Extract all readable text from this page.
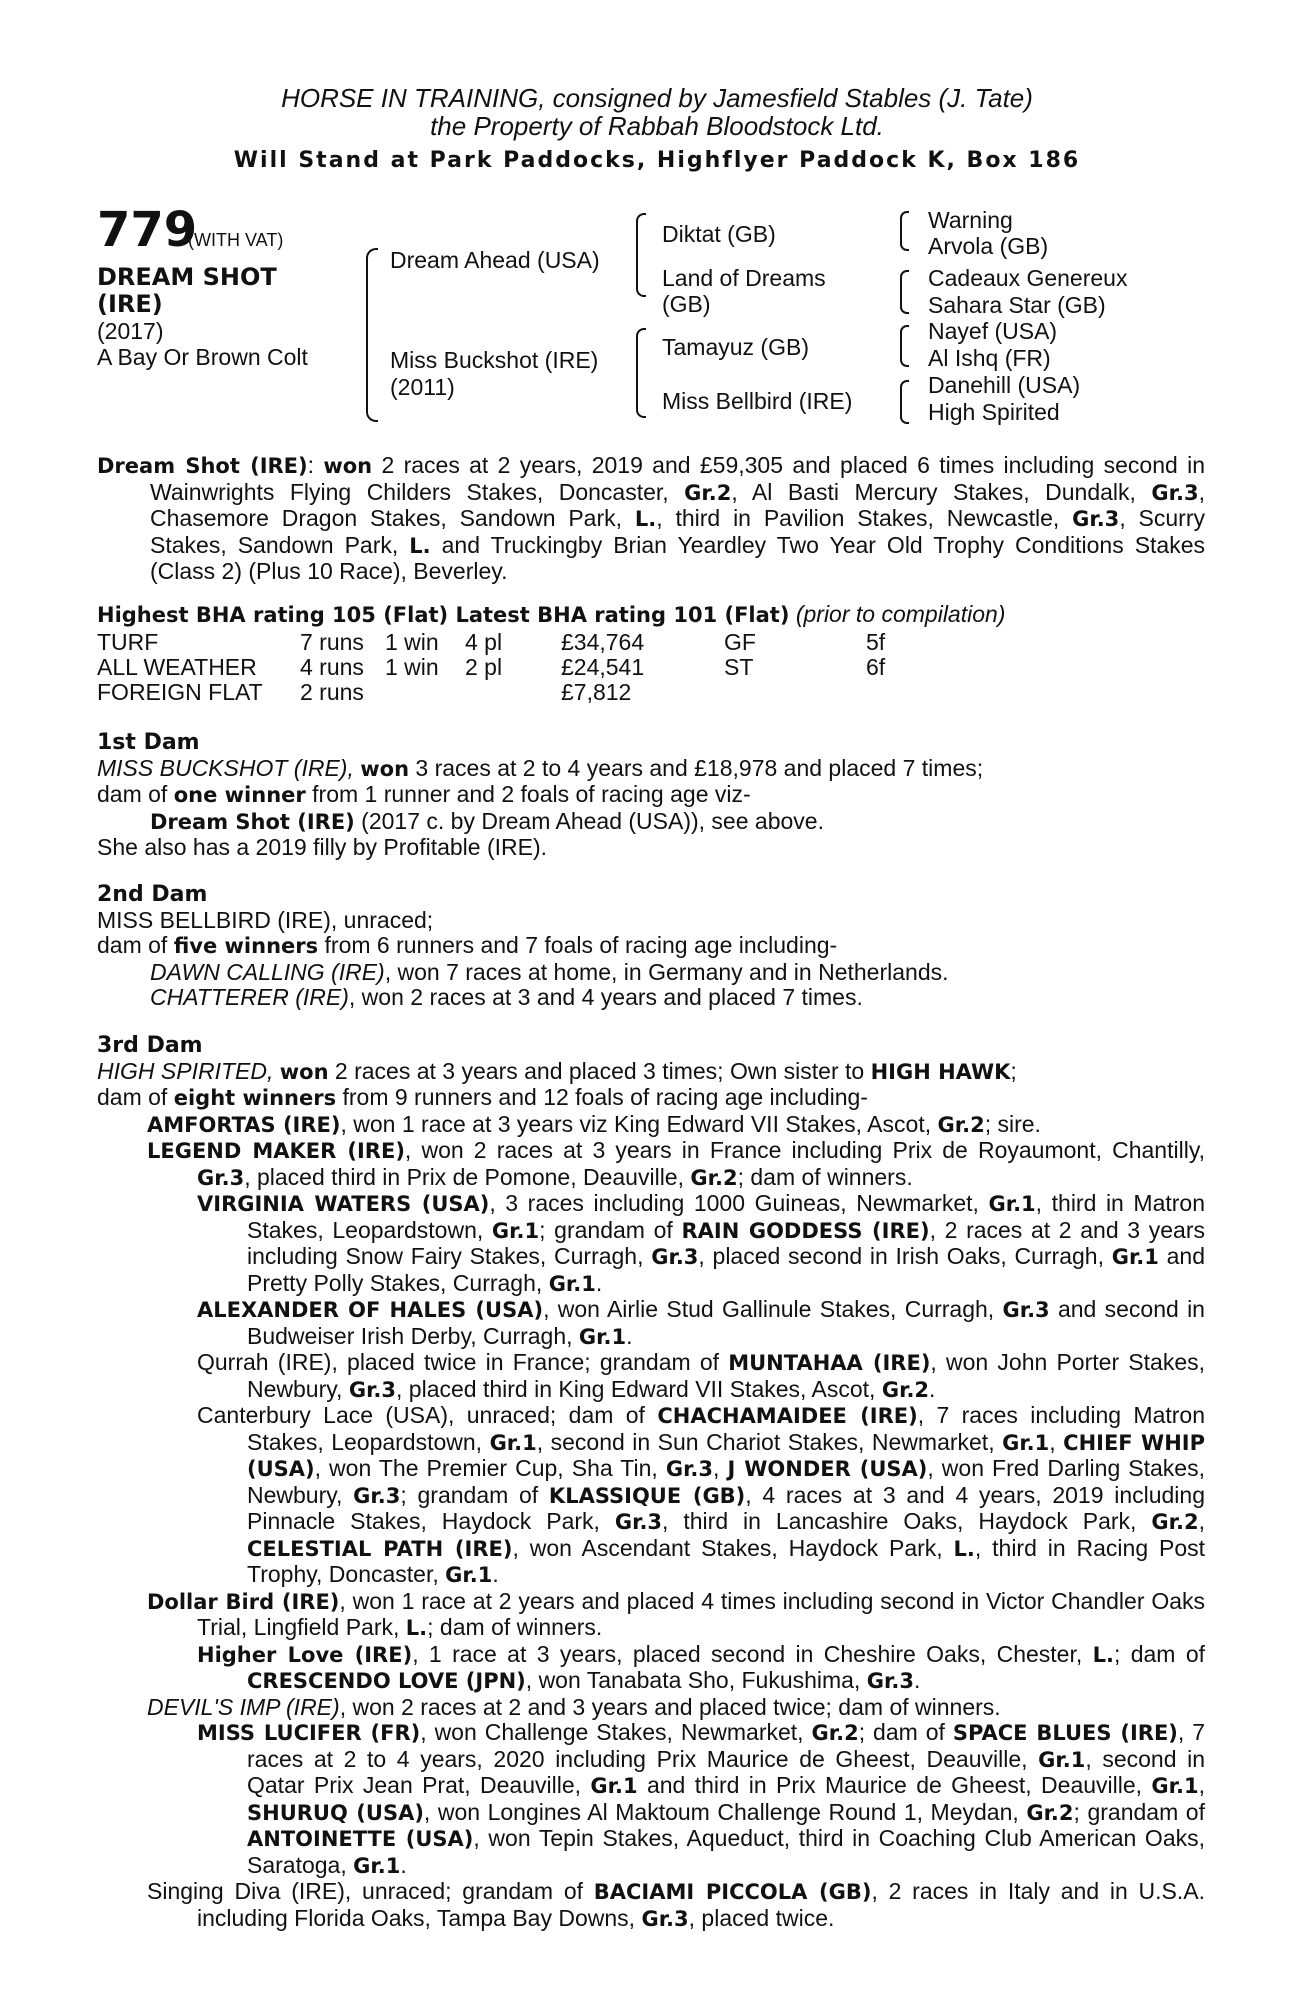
HORSE IN TRAINING, consigned by Jamesfield Stables (J. Tate)
the Property of Rabbah Bloodstock Ltd.
Will Stand at Park Paddocks, Highflyer Paddock K, Box 186
779
(WITH VAT)
DREAM SHOT
(IRE)
(2017)
A Bay Or Brown Colt
Dream Ahead (USA)
Miss Buckshot (IRE)
(2011)
Diktat (GB)
Land of Dreams
(GB)
Tamayuz (GB)
Miss Bellbird (IRE)
Warning
Arvola (GB)
Cadeaux Genereux
Sahara Star (GB)
Nayef (USA)
Al Ishq (FR)
Danehill (USA)
High Spirited

Dream Shot (IRE): won 2 races at 2 years, 2019 and £59,305 and placed 6 times including second in Wainwrights Flying Childers Stakes, Doncaster, Gr.2, Al Basti Mercury Stakes, Dundalk, Gr.3, Chasemore Dragon Stakes, Sandown Park, L., third in Pavilion Stakes, Newcastle, Gr.3, Scurry Stakes, Sandown Park, L. and Truckingby Brian Yeardley Two Year Old Trophy Conditions Stakes (Class 2) (Plus 10 Race), Beverley.

Highest BHA rating 105 (Flat) Latest BHA rating 101 (Flat) (prior to compilation)

TURF	7 runs	1 win	4 pl	£34,764	GF	5f
ALL WEATHER	4 runs	1 win	2 pl	£24,541	ST	6f
FOREIGN FLAT	2 runs			£7,812		

1st Dam

MISS BUCKSHOT (IRE), won 3 races at 2 to 4 years and £18,978 and placed 7 times;

dam of one winner from 1 runner and 2 foals of racing age viz-

Dream Shot (IRE) (2017 c. by Dream Ahead (USA)), see above.

She also has a 2019 filly by Profitable (IRE).

2nd Dam

MISS BELLBIRD (IRE), unraced;

dam of five winners from 6 runners and 7 foals of racing age including-

DAWN CALLING (IRE), won 7 races at home, in Germany and in Netherlands.

CHATTERER (IRE), won 2 races at 3 and 4 years and placed 7 times.

3rd Dam

HIGH SPIRITED, won 2 races at 3 years and placed 3 times; Own sister to HIGH HAWK;

dam of eight winners from 9 runners and 12 foals of racing age including-

AMFORTAS (IRE), won 1 race at 3 years viz King Edward VII Stakes, Ascot, Gr.2; sire.

LEGEND MAKER (IRE), won 2 races at 3 years in France including Prix de Royaumont, Chantilly, Gr.3, placed third in Prix de Pomone, Deauville, Gr.2; dam of winners.

VIRGINIA WATERS (USA), 3 races including 1000 Guineas, Newmarket, Gr.1, third in Matron Stakes, Leopardstown, Gr.1; grandam of RAIN GODDESS (IRE), 2 races at 2 and 3 years including Snow Fairy Stakes, Curragh, Gr.3, placed second in Irish Oaks, Curragh, Gr.1 and Pretty Polly Stakes, Curragh, Gr.1.

ALEXANDER OF HALES (USA), won Airlie Stud Gallinule Stakes, Curragh, Gr.3 and second in Budweiser Irish Derby, Curragh, Gr.1.

Qurrah (IRE), placed twice in France; grandam of MUNTAHAA (IRE), won John Porter Stakes, Newbury, Gr.3, placed third in King Edward VII Stakes, Ascot, Gr.2.

Canterbury Lace (USA), unraced; dam of CHACHAMAIDEE (IRE), 7 races including Matron Stakes, Leopardstown, Gr.1, second in Sun Chariot Stakes, Newmarket, Gr.1, CHIEF WHIP (USA), won The Premier Cup, Sha Tin, Gr.3, J WONDER (USA), won Fred Darling Stakes, Newbury, Gr.3; grandam of KLASSIQUE (GB), 4 races at 3 and 4 years, 2019 including Pinnacle Stakes, Haydock Park, Gr.3, third in Lancashire Oaks, Haydock Park, Gr.2, CELESTIAL PATH (IRE), won Ascendant Stakes, Haydock Park, L., third in Racing Post Trophy, Doncaster, Gr.1.

Dollar Bird (IRE), won 1 race at 2 years and placed 4 times including second in Victor Chandler Oaks Trial, Lingfield Park, L.; dam of winners.

Higher Love (IRE), 1 race at 3 years, placed second in Cheshire Oaks, Chester, L.; dam of CRESCENDO LOVE (JPN), won Tanabata Sho, Fukushima, Gr.3.

DEVIL'S IMP (IRE), won 2 races at 2 and 3 years and placed twice; dam of winners.

MISS LUCIFER (FR), won Challenge Stakes, Newmarket, Gr.2; dam of SPACE BLUES (IRE), 7 races at 2 to 4 years, 2020 including Prix Maurice de Gheest, Deauville, Gr.1, second in Qatar Prix Jean Prat, Deauville, Gr.1 and third in Prix Maurice de Gheest, Deauville, Gr.1, SHURUQ (USA), won Longines Al Maktoum Challenge Round 1, Meydan, Gr.2; grandam of ANTOINETTE (USA), won Tepin Stakes, Aqueduct, third in Coaching Club American Oaks, Saratoga, Gr.1.

Singing Diva (IRE), unraced; grandam of BACIAMI PICCOLA (GB), 2 races in Italy and in U.S.A. including Florida Oaks, Tampa Bay Downs, Gr.3, placed twice.
